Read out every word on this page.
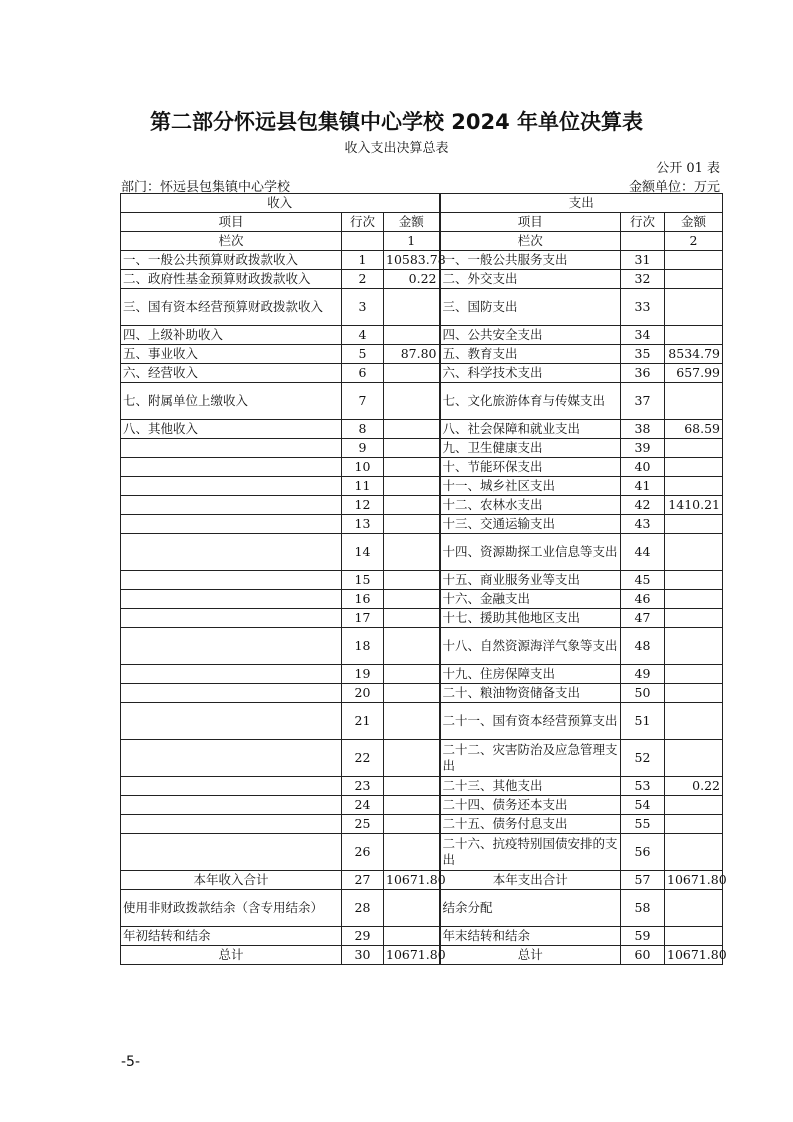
第二部分怀远县包集镇中心学校 2024 年单位决算表
收入支出决算总表
公开 01 表
部门：怀远县包集镇中心学校	金额单位：万元
收入			支出		
项目	行次	金额	项目	行次	金额
栏次		1	栏次		2
一、一般公共预算财政拨款收入	1	10583.78	一、一般公共服务支出	31	
二、政府性基金预算财政拨款收入	2	0.22	二、外交支出	32	
三、国有资本经营预算财政拨款收入	3		三、国防支出	33	
四、上级补助收入	4		四、公共安全支出	34	
五、事业收入	5	87.80	五、教育支出	35	8534.79
六、经营收入	6		六、科学技术支出	36	657.99
七、附属单位上缴收入	7		七、文化旅游体育与传媒支出	37	
八、其他收入	8		八、社会保障和就业支出	38	68.59
	9		九、卫生健康支出	39	
	10		十、节能环保支出	40	
	11		十一、城乡社区支出	41	
	12		十二、农林水支出	42	1410.21
	13		十三、交通运输支出	43	
	14		十四、资源勘探工业信息等支出	44	
	15		十五、商业服务业等支出	45	
	16		十六、金融支出	46	
	17		十七、援助其他地区支出	47	
	18		十八、自然资源海洋气象等支出	48	
	19		十九、住房保障支出	49	
	20		二十、粮油物资储备支出	50	
	21		二十一、国有资本经营预算支出	51	
	22		二十二、灾害防治及应急管理支出	52	
	23		二十三、其他支出	53	0.22
	24		二十四、债务还本支出	54	
	25		二十五、债务付息支出	55	
	26		二十六、抗疫特别国债安排的支出	56	
本年收入合计	27	10671.80	本年支出合计	57	10671.80
使用非财政拨款结余（含专用结余）	28		结余分配	58	
年初结转和结余	29		年末结转和结余	59	
总计	30	10671.80	总计	60	10671.80
-5-
